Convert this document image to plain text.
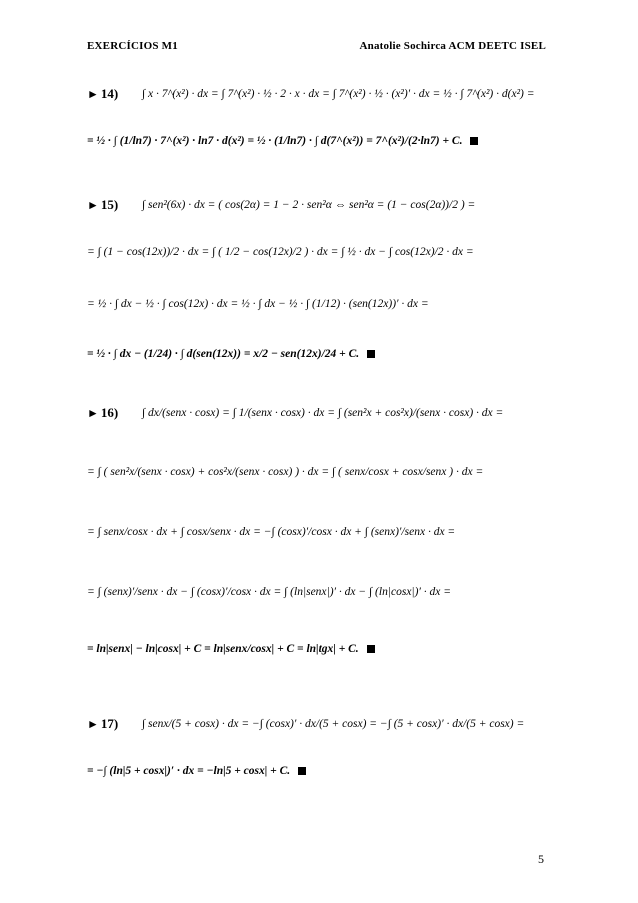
EXERCÍCIOS M1	Anatolie Sochirca ACM DEETC ISEL
► 14) ∫ x · 7^(x²) · dx = ∫ 7^(x²) · ½ · 2 · x · dx = ∫ 7^(x²) · ½ · (x²)′ · dx = ½ · ∫ 7^(x²) · d(x²) =
= ½ · ∫ (1/ln7) · 7^(x²) · ln7 · d(x²) = ½ · (1/ln7) · ∫ d(7^(x²)) = 7^(x²)/(2·ln7) + C.
► 15) ∫ sen²(6x) · dx = ( cos(2α) = 1 − 2 · sen²α ⇔ sen²α = (1 − cos(2α))/2 ) =
= ∫ (1 − cos(12x))/2 · dx = ∫ ( 1/2 − cos(12x)/2 ) · dx = ∫ ½ · dx − ∫ cos(12x)/2 · dx =
= ½ · ∫ dx − ½ · ∫ cos(12x) · dx = ½ · ∫ dx − ½ · ∫ (1/12) · (sen(12x))′ · dx =
= ½ · ∫ dx − (1/24) · ∫ d(sen(12x)) = x/2 − sen(12x)/24 + C.
► 16) ∫ dx/(senx · cosx) = ∫ 1/(senx · cosx) · dx = ∫ (sen²x + cos²x)/(senx · cosx) · dx =
= ∫ ( sen²x/(senx · cosx) + cos²x/(senx · cosx) ) · dx = ∫ ( senx/cosx + cosx/senx ) · dx =
= ∫ senx/cosx · dx + ∫ cosx/senx · dx = −∫ (cosx)′/cosx · dx + ∫ (senx)′/senx · dx =
= ∫ (senx)′/senx · dx − ∫ (cosx)′/cosx · dx = ∫ (ln|senx|)′ · dx − ∫ (ln|cosx|)′ · dx =
= ln|senx| − ln|cosx| + C = ln|senx/cosx| + C = ln|tgx| + C.
► 17) ∫ senx/(5 + cosx) · dx = −∫ (cosx)′ · dx/(5 + cosx) = −∫ (5 + cosx)′ · dx/(5 + cosx) =
= −∫ (ln|5 + cosx|)′ · dx = −ln|5 + cosx| + C.
5
